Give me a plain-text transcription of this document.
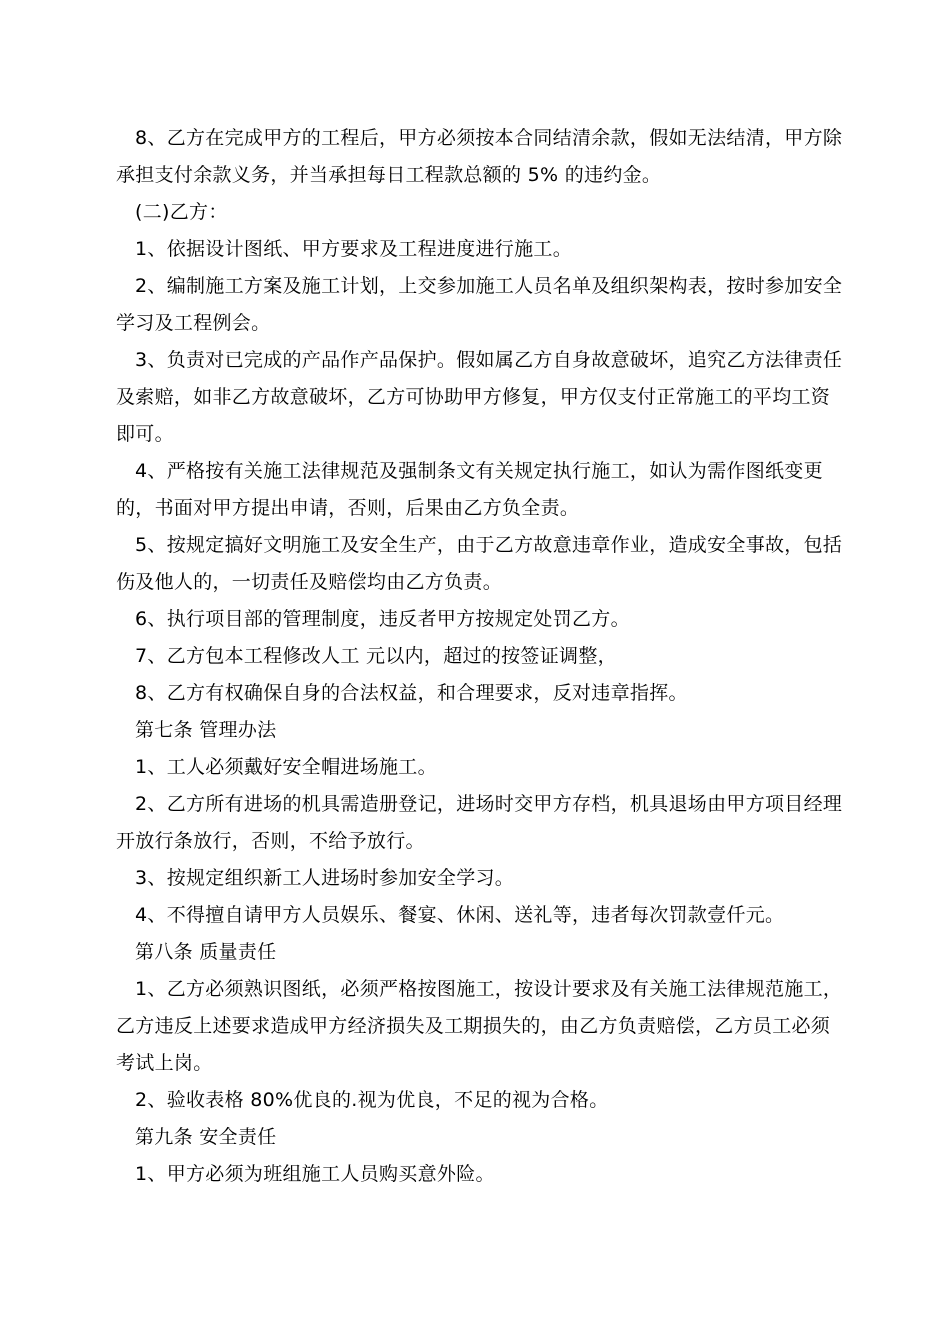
8、乙方在完成甲方的工程后，甲方必须按本合同结清余款，假如无法结清，甲方除承担支付余款义务，并当承担每日工程款总额的 5% 的违约金。

(二)乙方：

1、依据设计图纸、甲方要求及工程进度进行施工。

2、编制施工方案及施工计划，上交参加施工人员名单及组织架构表，按时参加安全学习及工程例会。

3、负责对已完成的产品作产品保护。假如属乙方自身故意破坏，追究乙方法律责任及索赔，如非乙方故意破坏，乙方可协助甲方修复，甲方仅支付正常施工的平均工资即可。

4、严格按有关施工法律规范及强制条文有关规定执行施工，如认为需作图纸变更的，书面对甲方提出申请，否则，后果由乙方负全责。

5、按规定搞好文明施工及安全生产，由于乙方故意违章作业，造成安全事故，包括伤及他人的，一切责任及赔偿均由乙方负责。

6、执行项目部的管理制度，违反者甲方按规定处罚乙方。

7、乙方包本工程修改人工 元以内，超过的按签证调整，

8、乙方有权确保自身的合法权益，和合理要求，反对违章指挥。

第七条 管理办法

1、工人必须戴好安全帽进场施工。

2、乙方所有进场的机具需造册登记，进场时交甲方存档，机具退场由甲方项目经理开放行条放行，否则，不给予放行。

3、按规定组织新工人进场时参加安全学习。

4、不得擅自请甲方人员娱乐、餐宴、休闲、送礼等，违者每次罚款壹仟元。

第八条 质量责任

1、乙方必须熟识图纸，必须严格按图施工，按设计要求及有关施工法律规范施工，乙方违反上述要求造成甲方经济损失及工期损失的，由乙方负责赔偿，乙方员工必须考试上岗。

2、验收表格 80%优良的.视为优良，不足的视为合格。

第九条 安全责任

1、甲方必须为班组施工人员购买意外险。
